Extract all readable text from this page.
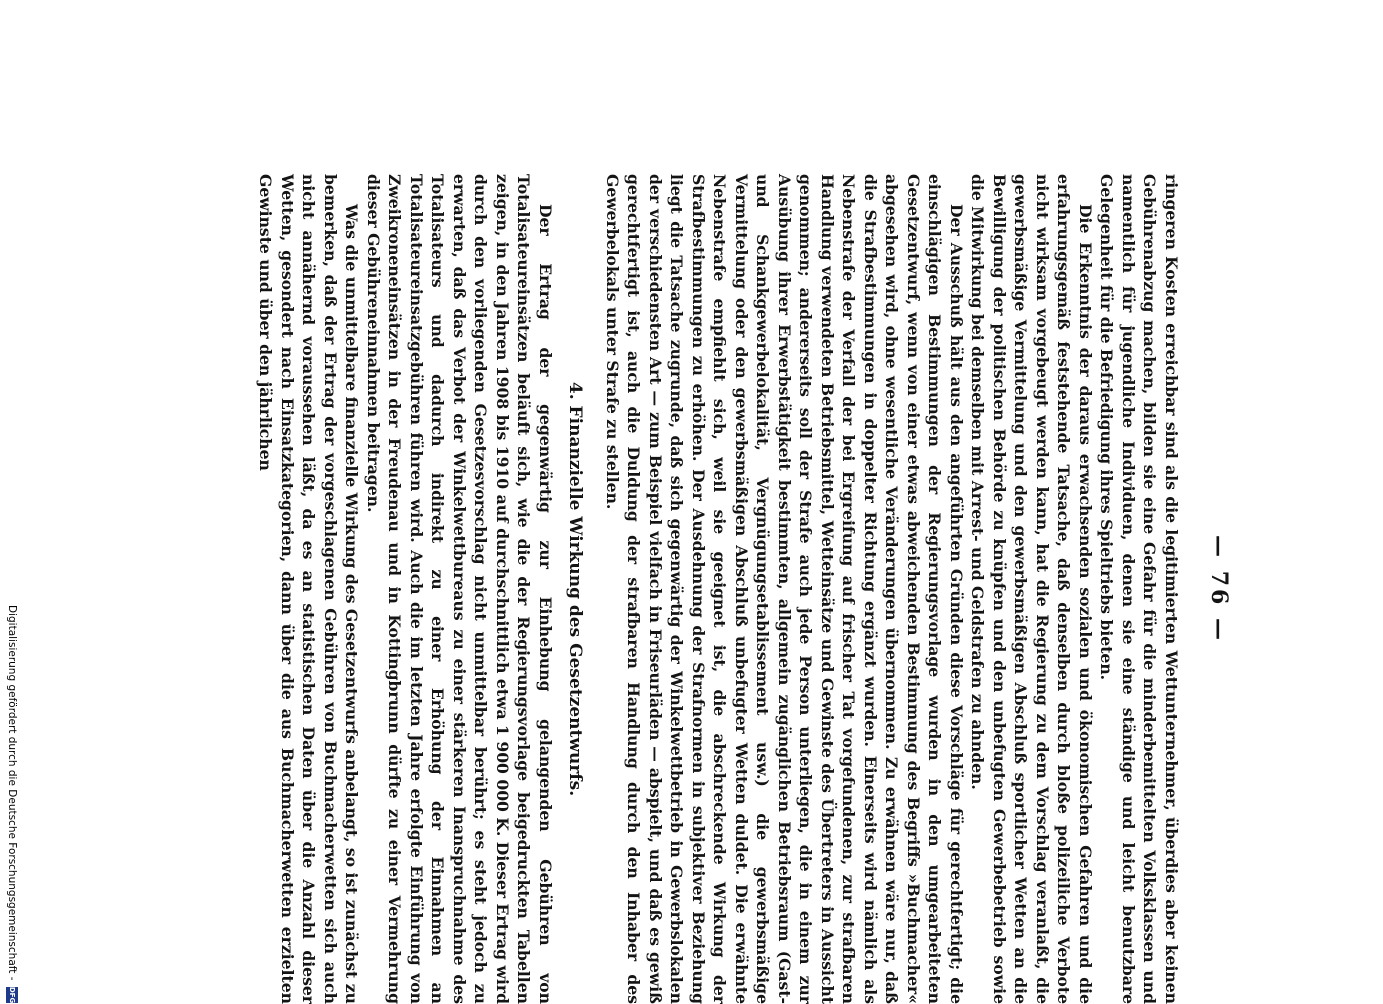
— 76 —

ringeren Kosten erreichbar sind als die legitimierten Wettunternehmer, überdies aber keinen Gebührenabzug machen, bilden sie eine Gefahr für die minderbemittelten Volksklassen und namentlich für jugendliche Individuen, denen sie eine ständige und leicht benutzbare Gelegenheit für die Befriedigung ihres Spieltriebs bieten.

Die Erkenntnis der daraus erwachsenden sozialen und ökonomischen Gefahren und die erfahrungsgemäß feststehende Tatsache, daß denselben durch bloße polizeiliche Verbote nicht wirksam vorgebeugt werden kann, hat die Regierung zu dem Vorschlag veranlaßt, die gewerbsmäßige Vermittelung und den gewerbsmäßigen Abschluß sportlicher Wetten an die Bewilligung der politischen Behörde zu knüpfen und den unbefugten Gewerbebetrieb sowie die Mitwirkung bei demselben mit Arrest- und Geldstrafen zu ahnden.

Der Ausschuß hält aus den angeführten Gründen diese Vorschläge für gerechtfertigt; die einschlägigen Bestimmungen der Regierungsvorlage wurden in den umgearbeiteten Gesetzentwurf, wenn von einer etwas abweichenden Bestimmung des Begriffs »Buchmacher« abgesehen wird, ohne wesentliche Veränderungen übernommen. Zu erwähnen wäre nur, daß die Strafbestimmungen in doppelter Richtung ergänzt wurden. Einerseits wird nämlich als Nebenstrafe der Verfall der bei Ergreifung auf frischer Tat vorgefundenen, zur strafbaren Handlung verwendeten Betriebsmittel, Wetteinsätze und Gewinste des Übertreters in Aussicht genommen; andererseits soll der Strafe auch jede Person unterliegen, die in einem zur Ausübung ihrer Erwerbstätigkeit bestimmten, allgemein zugänglichen Betriebsraum (Gast- und Schankgewerbelokalität, Vergnügungsetablissement usw.) die gewerbsmäßige Vermittelung oder den gewerbsmäßigen Abschluß unbefugter Wetten duldet. Die erwähnte Nebenstrafe empfiehlt sich, weil sie geeignet ist, die abschreckende Wirkung der Strafbestimmungen zu erhöhen. Der Ausdehnung der Strafnormen in subjektiver Beziehung liegt die Tatsache zugrunde, daß sich gegenwärtig der Winkelwettbetrieb in Gewerbslokalen der verschiedensten Art — zum Beispiel vielfach in Friseurläden — abspielt, und daß es gewiß gerechtfertigt ist, auch die Duldung der strafbaren Handlung durch den Inhaber des Gewerbelokals unter Strafe zu stellen.

4. Finanzielle Wirkung des Gesetzentwurfs.

Der Ertrag der gegenwärtig zur Einhebung gelangenden Gebühren von Totalisateureinsätzen beläuft sich, wie die der Regierungsvorlage beigedruckten Tabellen zeigen, in den Jahren 1908 bis 1910 auf durchschnittlich etwa 1 900 000 K. Dieser Ertrag wird durch den vorliegenden Gesetzesvorschlag nicht unmittelbar berührt; es steht jedoch zu erwarten, daß das Verbot der Winkelwettbureaus zu einer stärkeren Inanspruchnahme des Totalisateurs und dadurch indirekt zu einer Erhöhung der Einnahmen an Totalisateureinsatzgebühren führen wird. Auch die im letzten Jahre erfolgte Einführung von Zweikroneneinsätzen in der Freudenau und in Kottingbrunn dürfte zu einer Vermehrung dieser Gebühreneinnahmen beitragen.

Was die unmittelbare finanzielle Wirkung des Gesetzentwurfs anbelangt, so ist zunächst zu bemerken, daß der Ertrag der vorgeschlagenen Gebühren von Buchmacherwetten sich auch nicht annähernd voraussehen läßt, da es an statistischen Daten über die Anzahl dieser Wetten, gesondert nach Einsatzkategorien, dann über die aus Buchmacherwetten erzielten Gewinste und über den jährlichen

Digitalisierung gefördert durch die Deutsche Forschungsgemeinschaft - DFG
